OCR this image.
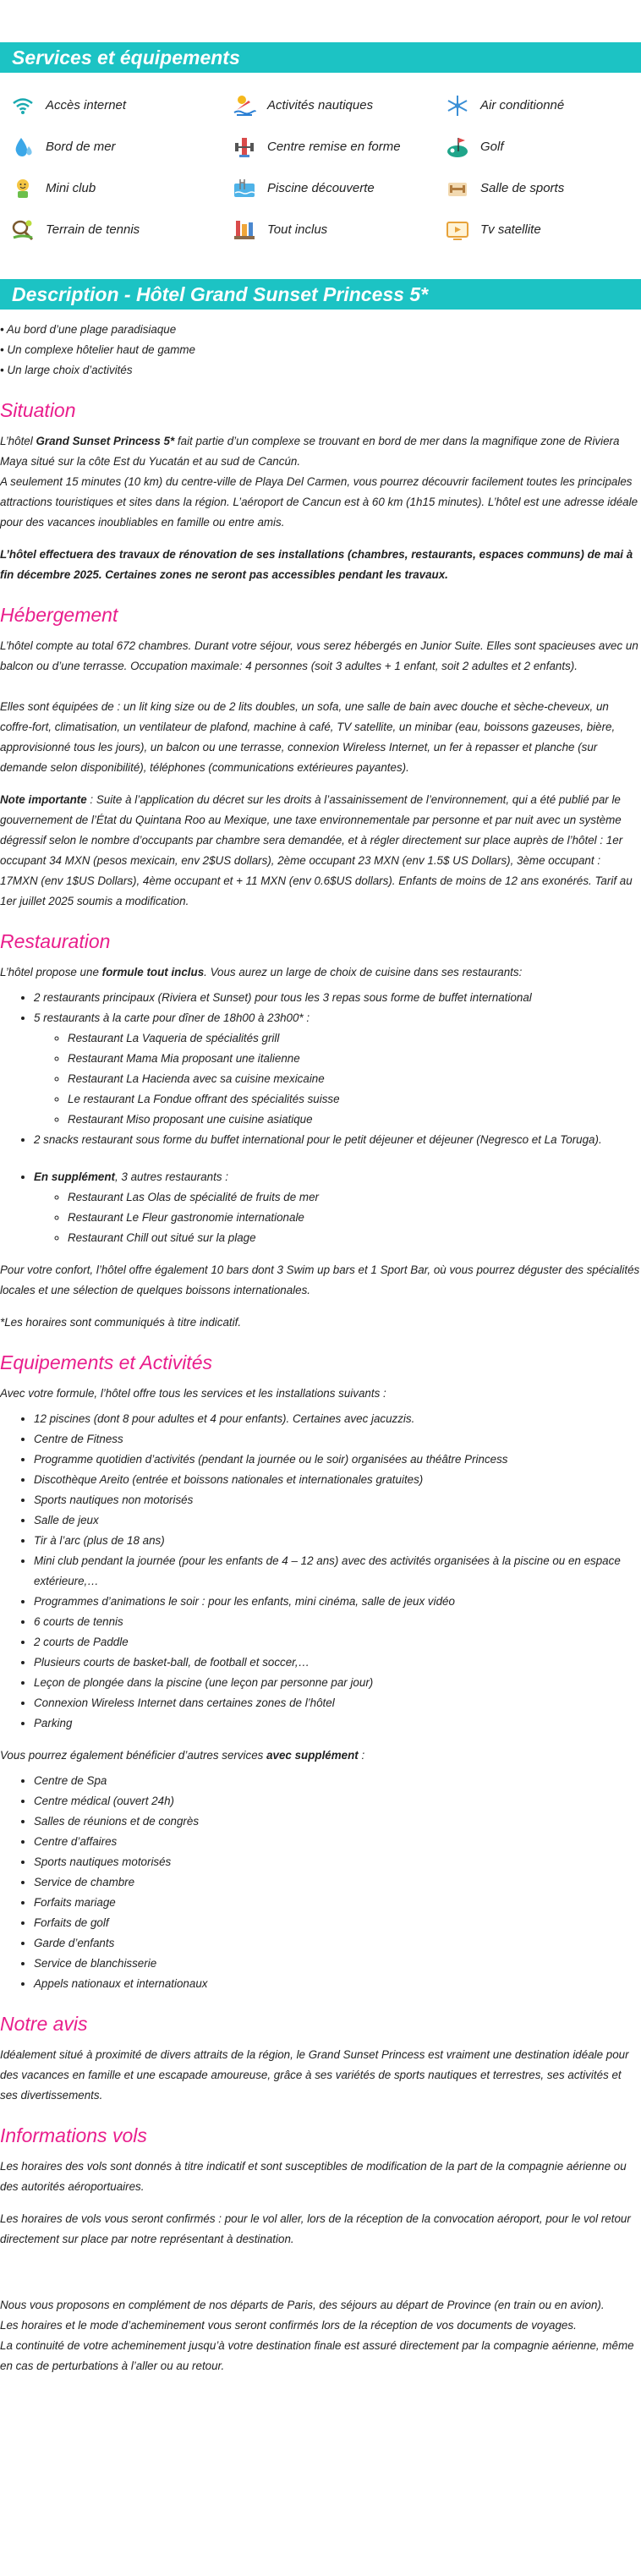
Services et équipements
Accès internet	Activités nautiques	Air conditionné
Bord de mer	Centre remise en forme	Golf
Mini club	Piscine découverte	Salle de sports
Terrain de tennis	Tout inclus	Tv satellite
Description - Hôtel Grand Sunset Princess 5*
• Au bord d’une plage paradisiaque
• Un complexe hôtelier haut de gamme
• Un large choix d’activités
Situation

L’hôtel Grand Sunset Princess 5* fait partie d’un complexe se trouvant en bord de mer dans la magnifique zone de Riviera Maya situé sur la côte Est du Yucatán et au sud de Cancún.

A seulement 15 minutes (10 km) du centre-ville de Playa Del Carmen, vous pourrez découvrir facilement toutes les principales attractions touristiques et sites dans la région. L’aéroport de Cancun est à 60 km (1h15 minutes). L’hôtel est une adresse idéale pour des vacances inoubliables en famille ou entre amis.

L’hôtel effectuera des travaux de rénovation de ses installations (chambres, restaurants, espaces communs) de mai à fin décembre 2025. Certaines zones ne seront pas accessibles pendant les travaux.

Hébergement

L’hôtel compte au total 672 chambres. Durant votre séjour, vous serez hébergés en Junior Suite. Elles sont spacieuses avec un balcon ou d’une terrasse. Occupation maximale: 4 personnes (soit 3 adultes + 1 enfant, soit 2 adultes et 2 enfants).

Elles sont équipées de : un lit king size ou de 2 lits doubles, un sofa, une salle de bain avec douche et sèche-cheveux, un coffre-fort, climatisation, un ventilateur de plafond, machine à café, TV satellite, un minibar (eau, boissons gazeuses, bière, approvisionné tous les jours), un balcon ou une terrasse, connexion Wireless Internet, un fer à repasser et planche (sur demande selon disponibilité), téléphones (communications extérieures payantes).

Note importante : Suite à l’application du décret sur les droits à l’assainissement de l’environnement, qui a été publié par le gouvernement de l’État du Quintana Roo au Mexique, une taxe environnementale par personne et par nuit avec un système dégressif selon le nombre d’occupants par chambre sera demandée, et à régler directement sur place auprès de l’hôtel : 1er occupant 34 MXN (pesos mexicain, env 2$US dollars), 2ème occupant 23 MXN (env 1.5$ US Dollars), 3ème occupant : 17MXN (env 1$US Dollars), 4ème occupant et + 11 MXN (env 0.6$US dollars). Enfants de moins de 12 ans exonérés. Tarif au 1er juillet 2025 soumis a modification.

Restauration

L’hôtel propose une formule tout inclus. Vous aurez un large de choix de cuisine dans ses restaurants:

• 2 restaurants principaux (Riviera et Sunset) pour tous les 3 repas sous forme de buffet international
• 5 restaurants à la carte pour dîner de 18h00 à 23h00* :
◦ Restaurant La Vaqueria de spécialités grill
◦ Restaurant Mama Mia proposant une italienne
◦ Restaurant La Hacienda avec sa cuisine mexicaine
◦ Le restaurant La Fondue offrant des spécialités suisse
◦ Restaurant Miso proposant une cuisine asiatique
• 2 snacks restaurant sous forme du buffet international pour le petit déjeuner et déjeuner (Negresco et La Toruga).
• En supplément, 3 autres restaurants :
◦ Restaurant Las Olas de spécialité de fruits de mer
◦ Restaurant Le Fleur gastronomie internationale
◦ Restaurant Chill out situé sur la plage

Pour votre confort, l’hôtel offre également 10 bars dont 3 Swim up bars et 1 Sport Bar, où vous pourrez déguster des spécialités locales et une sélection de quelques boissons internationales.

*Les horaires sont communiqués à titre indicatif.

Equipements et Activités

Avec votre formule, l’hôtel offre tous les services et les installations suivants :

• 12 piscines (dont 8 pour adultes et 4 pour enfants). Certaines avec jacuzzis.
• Centre de Fitness
• Programme quotidien d’activités (pendant la journée ou le soir) organisées au théâtre Princess
• Discothèque Areito (entrée et boissons nationales et internationales gratuites)
• Sports nautiques non motorisés
• Salle de jeux
• Tir à l’arc (plus de 18 ans)
• Mini club pendant la journée (pour les enfants de 4 – 12 ans) avec des activités organisées à la piscine ou en espace extérieure,…
• Programmes d’animations le soir : pour les enfants, mini cinéma, salle de jeux vidéo
• 6 courts de tennis
• 2 courts de Paddle
• Plusieurs courts de basket-ball, de football et soccer,…
• Leçon de plongée dans la piscine (une leçon par personne par jour)
• Connexion Wireless Internet dans certaines zones de l’hôtel
• Parking

Vous pourrez également bénéficier d’autres services avec supplément :

• Centre de Spa
• Centre médical (ouvert 24h)
• Salles de réunions et de congrès
• Centre d’affaires
• Sports nautiques motorisés
• Service de chambre
• Forfaits mariage
• Forfaits de golf
• Garde d’enfants
• Service de blanchisserie
• Appels nationaux et internationaux
Notre avis

Idéalement situé à proximité de divers attraits de la région, le Grand Sunset Princess est vraiment une destination idéale pour des vacances en famille et une escapade amoureuse, grâce à ses variétés de sports nautiques et terrestres, ses activités et ses divertissements.

Informations vols

Les horaires des vols sont donnés à titre indicatif et sont susceptibles de modification de la part de la compagnie aérienne ou des autorités aéroportuaires.

Les horaires de vols vous seront confirmés : pour le vol aller, lors de la réception de la convocation aéroport, pour le vol retour directement sur place par notre représentant à destination.

Nous vous proposons en complément de nos départs de Paris, des séjours au départ de Province (en train ou en avion).

Les horaires et le mode d’acheminement vous seront confirmés lors de la réception de vos documents de voyages.

La continuité de votre acheminement jusqu’à votre destination finale est assuré directement par la compagnie aérienne, même en cas de perturbations à l’aller ou au retour.
